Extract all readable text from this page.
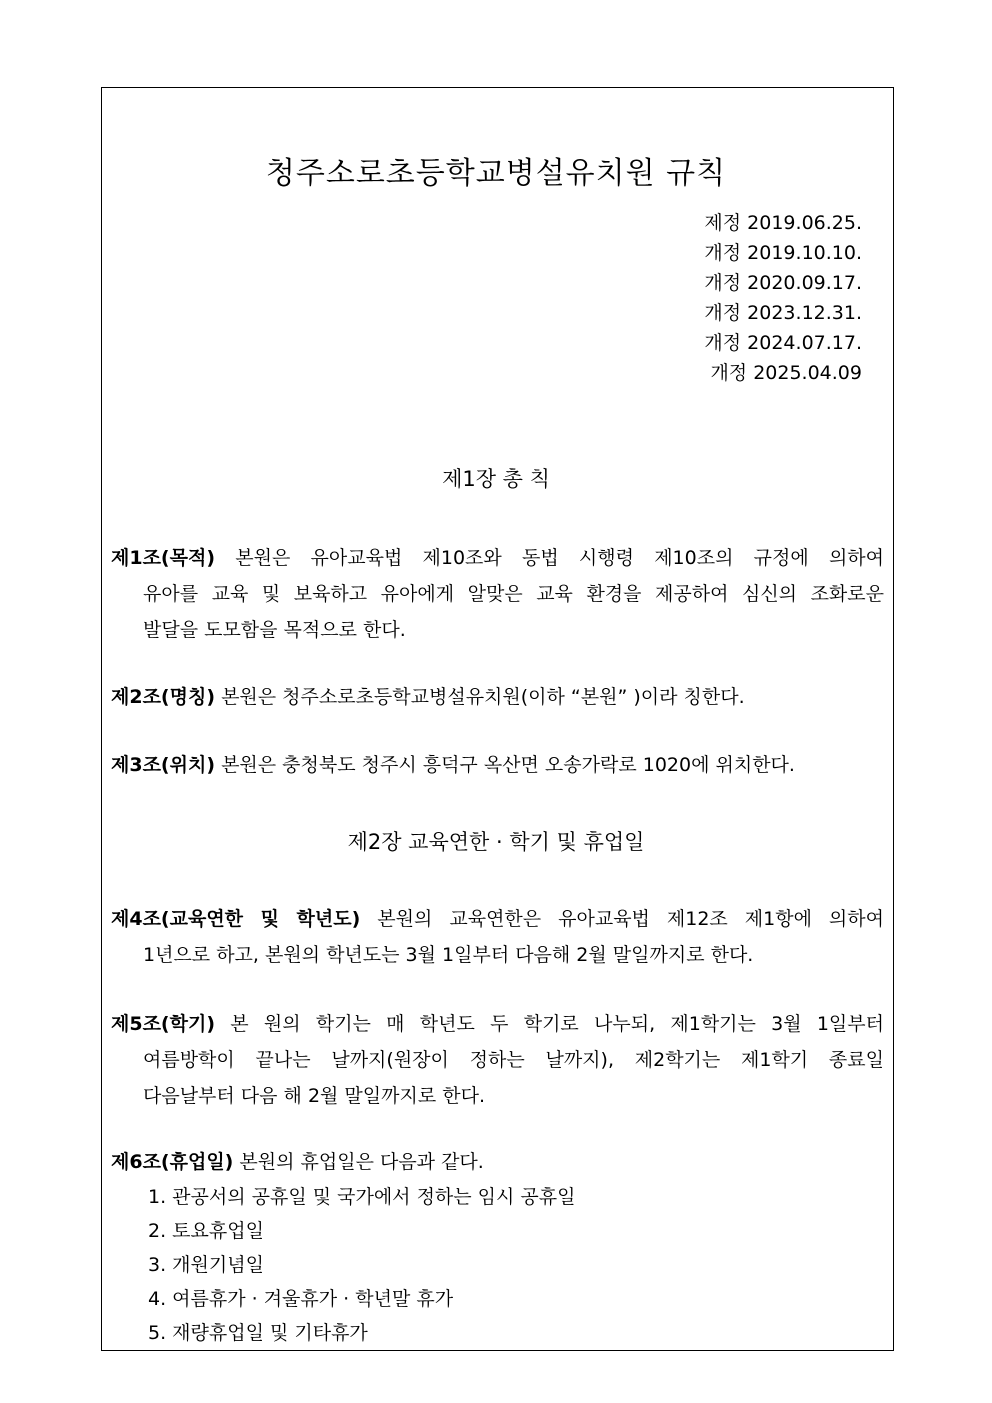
청주소로초등학교병설유치원 규칙
제정 2019.06.25.
개정 2019.10.10.
개정 2020.09.17.
개정 2023.12.31.
개정 2024.07.17.
개정 2025.04.09
제1장 총 칙
제1조(목적) 본원은 유아교육법 제10조와 동법 시행령 제10조의 규정에 의하여
유아를 교육 및 보육하고 유아에게 알맞은 교육 환경을 제공하여 심신의 조화로운
발달을 도모함을 목적으로 한다.
제2조(명칭) 본원은 청주소로초등학교병설유치원(이하 “본원” )이라 칭한다.
제3조(위치) 본원은 충청북도 청주시 흥덕구 옥산면 오송가락로 1020에 위치한다.
제2장 교육연한 · 학기 및 휴업일
제4조(교육연한 및 학년도) 본원의 교육연한은 유아교육법 제12조 제1항에 의하여
1년으로 하고, 본원의 학년도는 3월 1일부터 다음해 2월 말일까지로 한다.
제5조(학기) 본 원의 학기는 매 학년도 두 학기로 나누되, 제1학기는 3월 1일부터
여름방학이 끝나는 날까지(원장이 정하는 날까지), 제2학기는 제1학기 종료일
다음날부터 다음 해 2월 말일까지로 한다.
제6조(휴업일) 본원의 휴업일은 다음과 같다.
1. 관공서의 공휴일 및 국가에서 정하는 임시 공휴일
2. 토요휴업일
3. 개원기념일
4. 여름휴가 · 겨울휴가 · 학년말 휴가
5. 재량휴업일 및 기타휴가
